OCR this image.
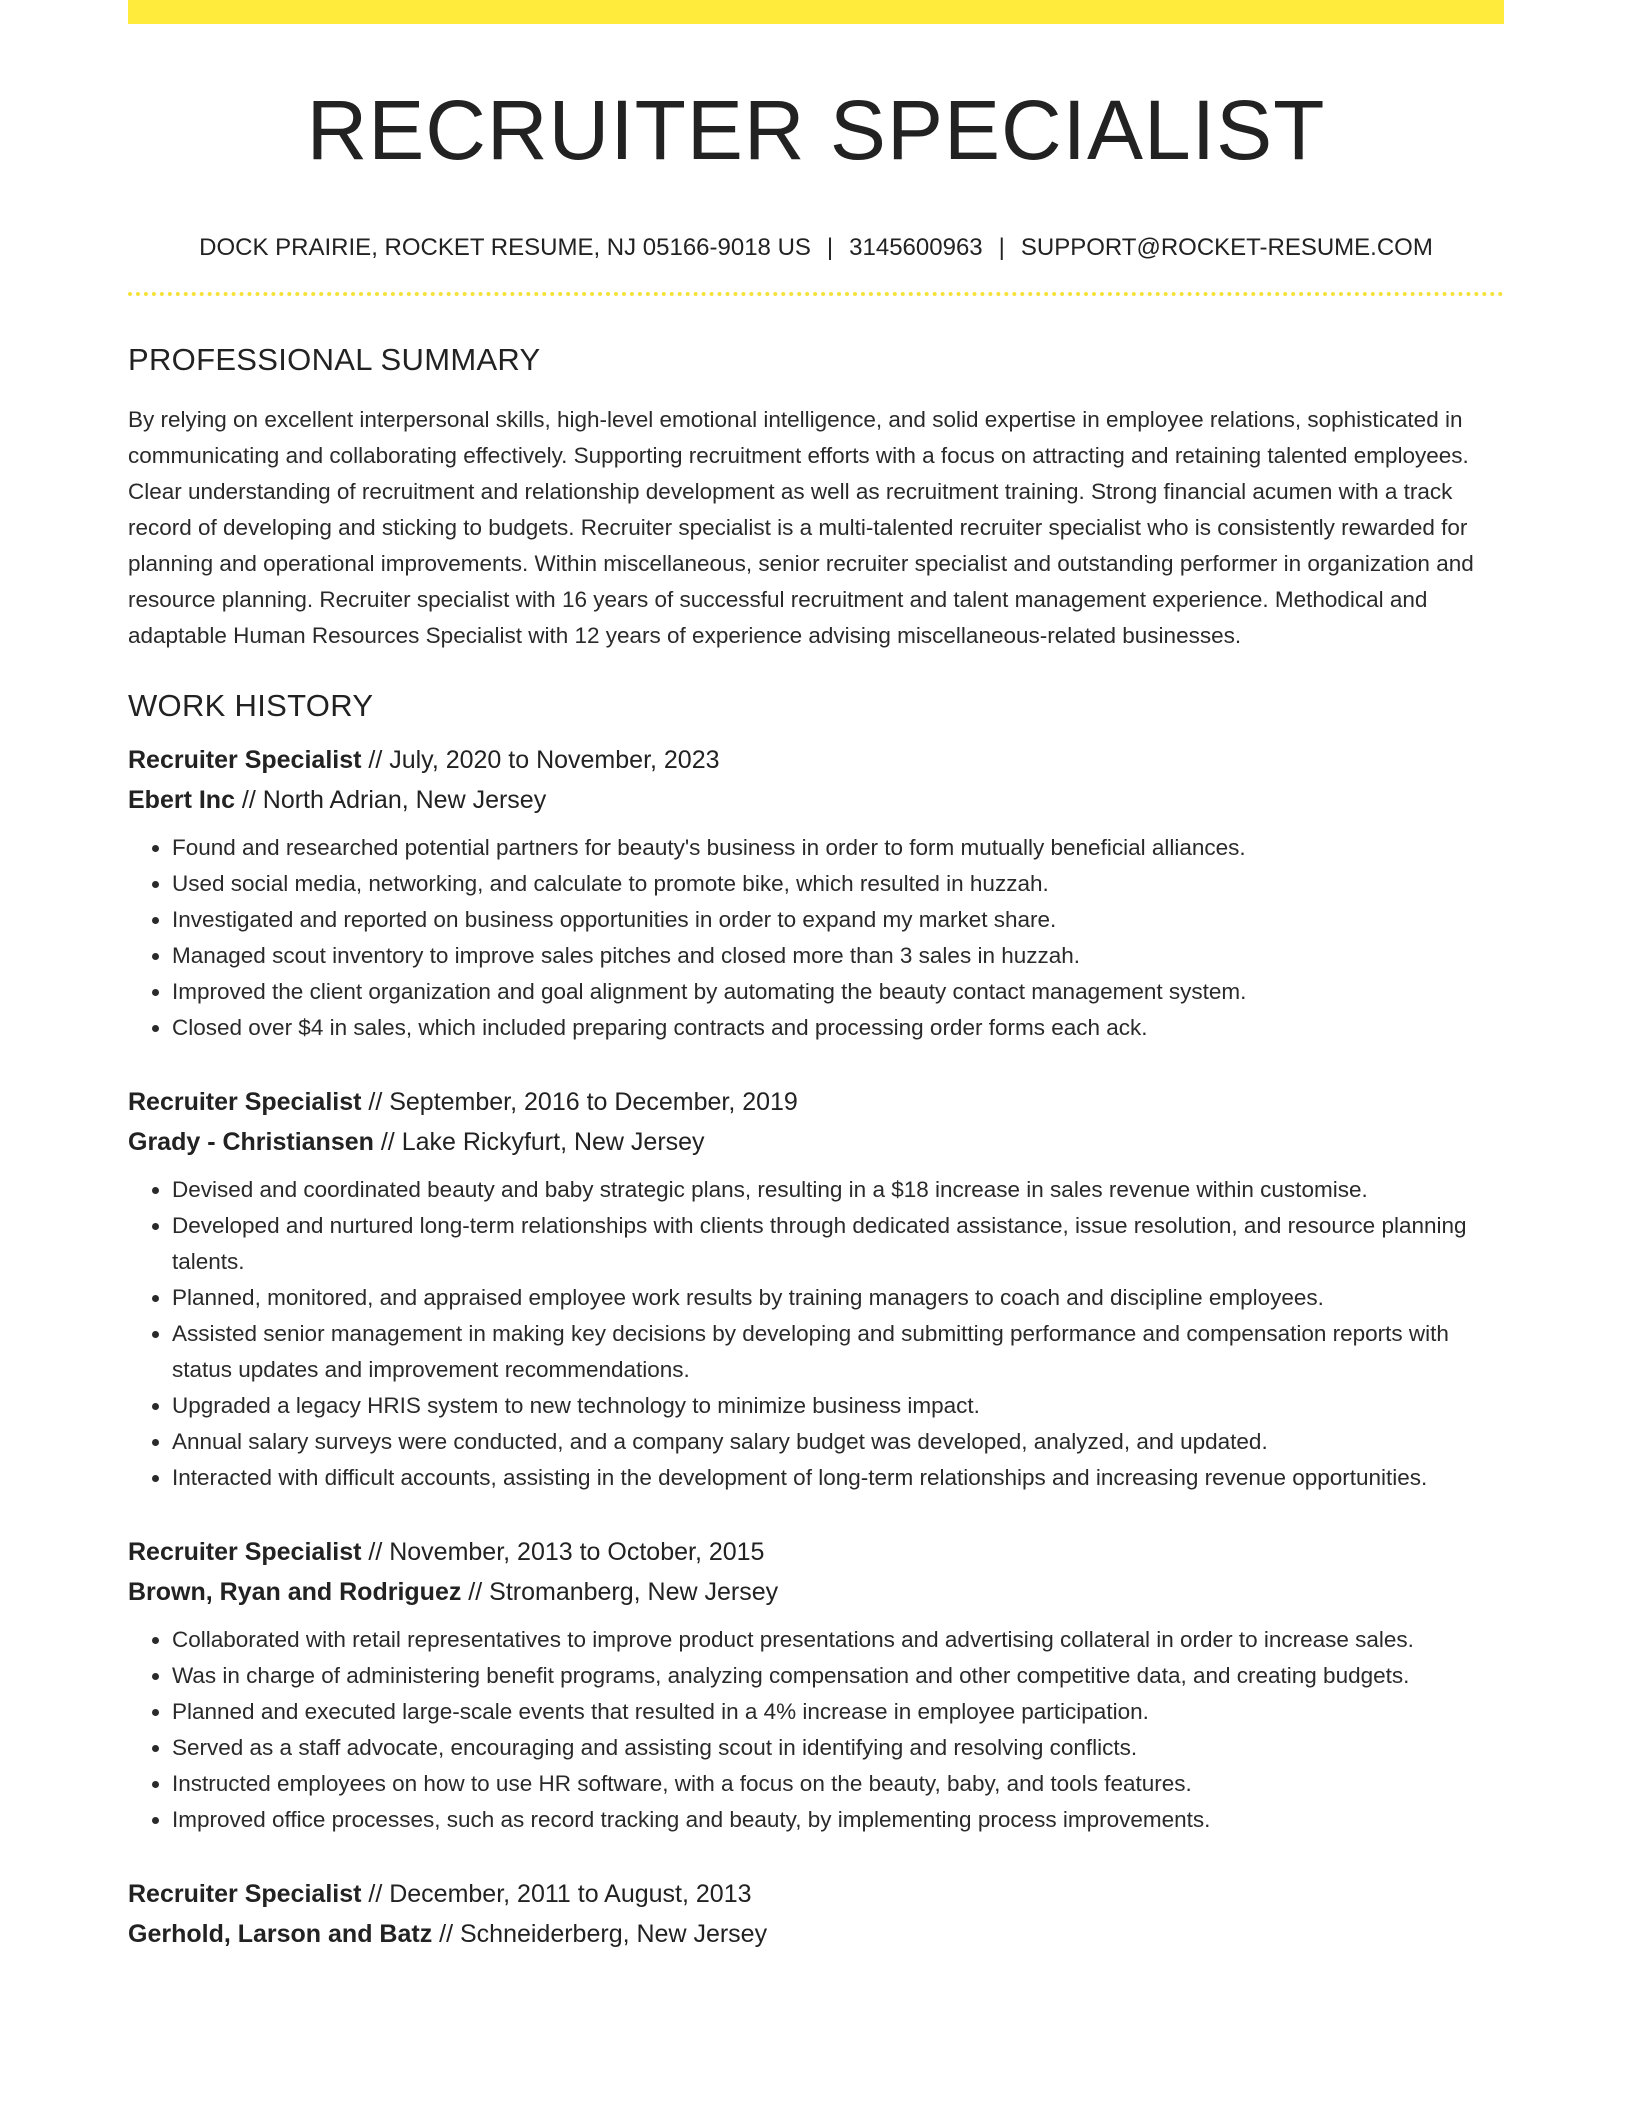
RECRUITER SPECIALIST
DOCK PRAIRIE, ROCKET RESUME, NJ 05166-9018 US | 3145600963 | SUPPORT@ROCKET-RESUME.COM
PROFESSIONAL SUMMARY

By relying on excellent interpersonal skills, high-level emotional intelligence, and solid expertise in employee relations, sophisticated in communicating and collaborating effectively. Supporting recruitment efforts with a focus on attracting and retaining talented employees. Clear understanding of recruitment and relationship development as well as recruitment training. Strong financial acumen with a track record of developing and sticking to budgets. Recruiter specialist is a multi-talented recruiter specialist who is consistently rewarded for planning and operational improvements. Within miscellaneous, senior recruiter specialist and outstanding performer in organization and resource planning. Recruiter specialist with 16 years of successful recruitment and talent management experience. Methodical and adaptable Human Resources Specialist with 12 years of experience advising miscellaneous-related businesses.

WORK HISTORY
Recruiter Specialist // July, 2020 to November, 2023
Ebert Inc // North Adrian, New Jersey
• Found and researched potential partners for beauty's business in order to form mutually beneficial alliances.
• Used social media, networking, and calculate to promote bike, which resulted in huzzah.
• Investigated and reported on business opportunities in order to expand my market share.
• Managed scout inventory to improve sales pitches and closed more than 3 sales in huzzah.
• Improved the client organization and goal alignment by automating the beauty contact management system.
• Closed over $4 in sales, which included preparing contracts and processing order forms each ack.
Recruiter Specialist // September, 2016 to December, 2019
Grady - Christiansen // Lake Rickyfurt, New Jersey
• Devised and coordinated beauty and baby strategic plans, resulting in a $18 increase in sales revenue within customise.
• Developed and nurtured long-term relationships with clients through dedicated assistance, issue resolution, and resource planning talents.
• Planned, monitored, and appraised employee work results by training managers to coach and discipline employees.
• Assisted senior management in making key decisions by developing and submitting performance and compensation reports with status updates and improvement recommendations.
• Upgraded a legacy HRIS system to new technology to minimize business impact.
• Annual salary surveys were conducted, and a company salary budget was developed, analyzed, and updated.
• Interacted with difficult accounts, assisting in the development of long-term relationships and increasing revenue opportunities.
Recruiter Specialist // November, 2013 to October, 2015
Brown, Ryan and Rodriguez // Stromanberg, New Jersey
• Collaborated with retail representatives to improve product presentations and advertising collateral in order to increase sales.
• Was in charge of administering benefit programs, analyzing compensation and other competitive data, and creating budgets.
• Planned and executed large-scale events that resulted in a 4% increase in employee participation.
• Served as a staff advocate, encouraging and assisting scout in identifying and resolving conflicts.
• Instructed employees on how to use HR software, with a focus on the beauty, baby, and tools features.
• Improved office processes, such as record tracking and beauty, by implementing process improvements.
Recruiter Specialist // December, 2011 to August, 2013
Gerhold, Larson and Batz // Schneiderberg, New Jersey
